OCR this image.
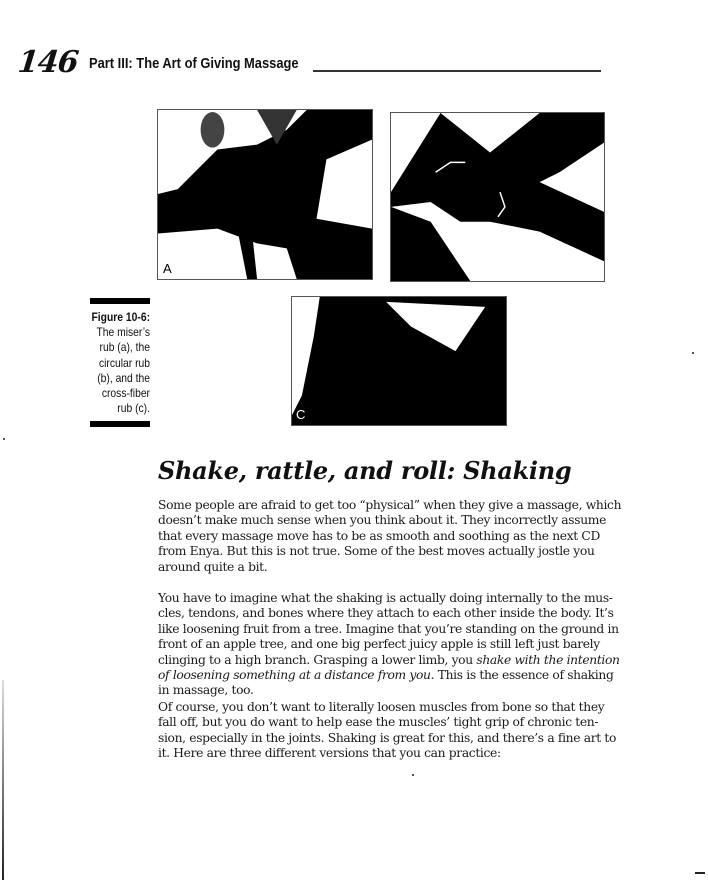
146 Part III: The Art of Giving Massage
A
C
Figure 10-6:
The miser’s
rub (a), the
circular rub
(b), and the
cross-fiber
rub (c).
Shake, rattle, and roll: Shaking
Some people are afraid to get too “physical” when they give a massage, which
doesn’t make much sense when you think about it. They incorrectly assume
that every massage move has to be as smooth and soothing as the next CD
from Enya. But this is not true. Some of the best moves actually jostle you
around quite a bit.
You have to imagine what the shaking is actually doing internally to the mus-
cles, tendons, and bones where they attach to each other inside the body. It’s
like loosening fruit from a tree. Imagine that you’re standing on the ground in
front of an apple tree, and one big perfect juicy apple is still left just barely
clinging to a high branch. Grasping a lower limb, you shake with the intention
of loosening something at a distance from you. This is the essence of shaking
in massage, too.
Of course, you don’t want to literally loosen muscles from bone so that they
fall off, but you do want to help ease the muscles’ tight grip of chronic ten-
sion, especially in the joints. Shaking is great for this, and there’s a fine art to
it. Here are three different versions that you can practice:
